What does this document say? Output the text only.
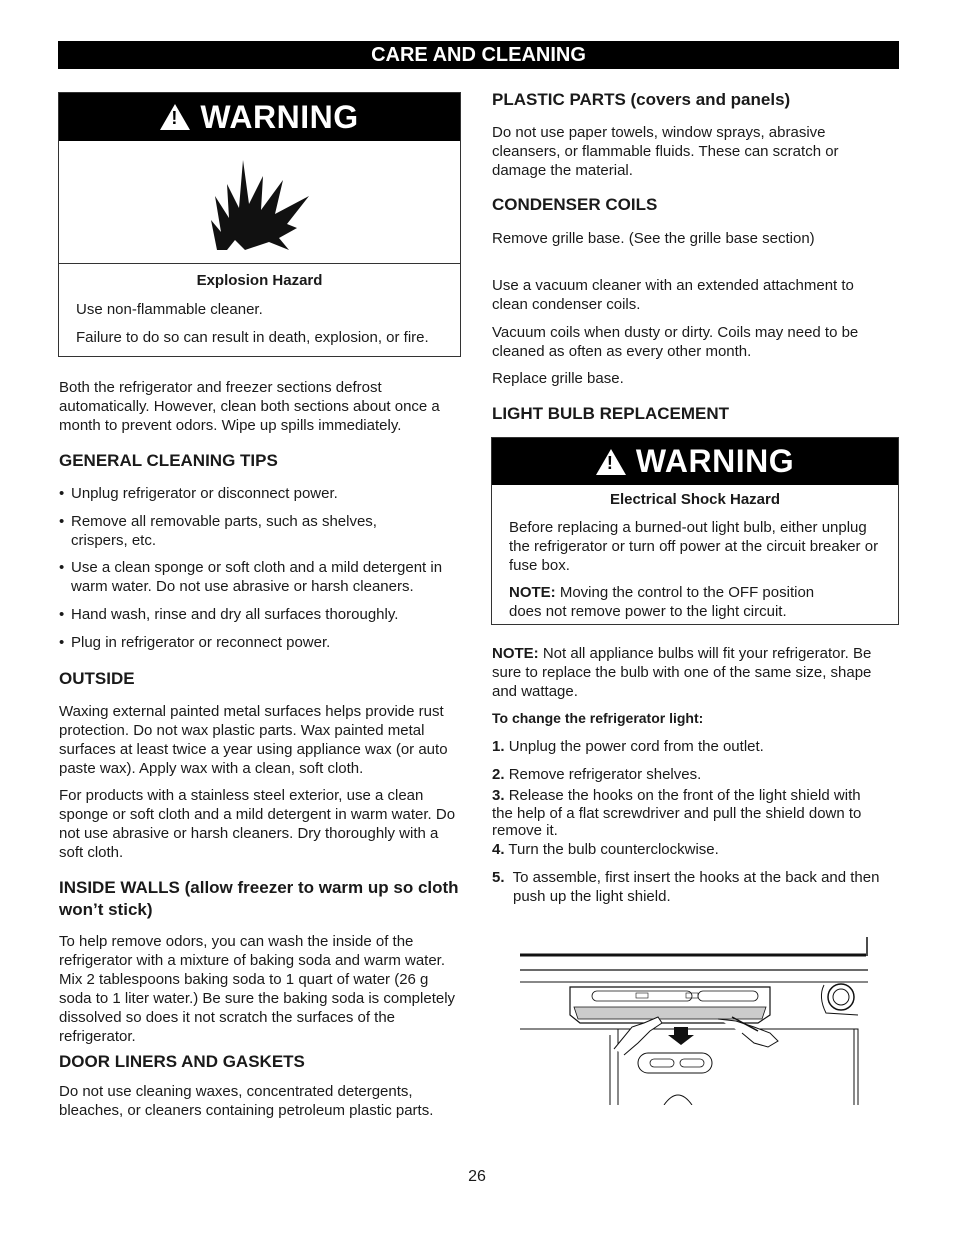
CARE AND CLEANING
!
WARNING
Explosion Hazard

Use non-flammable cleaner.

Failure to do so can result in death, explosion, or fire.

Both the refrigerator and freezer sections defrost automatically. However, clean both sections about once a month to prevent odors. Wipe up spills immediately.

GENERAL CLEANING TIPS

• Unplug refrigerator or disconnect power.
• Remove all removable parts, such as shelves, crispers, etc.
• Use a clean sponge or soft cloth and a mild detergent in warm water. Do not use abrasive or harsh cleaners.
• Hand wash, rinse and dry all surfaces thoroughly.
• Plug in refrigerator or reconnect power.

OUTSIDE

Waxing external painted metal surfaces helps provide rust protection. Do not wax plastic parts. Wax painted metal surfaces at least twice a year using appliance wax (or auto paste wax). Apply wax with a clean, soft cloth.

For products with a stainless steel exterior, use a clean sponge or soft cloth and a mild detergent in warm water. Do not use abrasive or harsh cleaners. Dry thoroughly with a soft cloth.

INSIDE WALLS (allow freezer to warm up so cloth won’t stick)

To help remove odors, you can wash the inside of the refrigerator with a mixture of baking soda and warm water. Mix 2 tablespoons baking soda to 1 quart of water (26 g soda to 1 liter water.) Be sure the baking soda is completely dissolved so does it not scratch the surfaces of the refrigerator.

DOOR LINERS AND GASKETS

Do not use cleaning waxes, concentrated detergents, bleaches, or cleaners containing petroleum plastic parts.

PLASTIC PARTS (covers and panels)

Do not use paper towels, window sprays, abrasive cleansers, or flammable fluids. These can scratch or damage the material.

CONDENSER COILS

Remove grille base. (See the grille base section)

Use a vacuum cleaner with an extended attachment to clean condenser coils.

Vacuum coils when dusty or dirty. Coils may need to be cleaned as often as every other month.

Replace grille base.

LIGHT BULB REPLACEMENT

!
WARNING
Electrical Shock Hazard

Before replacing a burned-out light bulb, either unplug the refrigerator or turn off power at the circuit breaker or fuse box.

NOTE: Moving the control to the OFF position does not remove power to the light circuit.

NOTE: Not all appliance bulbs will fit your refrigerator. Be sure to replace the bulb with one of the same size, shape and wattage.

To change the refrigerator light:

1. Unplug the power cord from the outlet.

2. Remove refrigerator shelves.

3. Release the hooks on the front of the light shield with the help of a flat screwdriver and pull the shield down to remove it.

4. Turn the bulb counterclockwise.

5. To assemble, first insert the hooks at the back and then push up the light shield.
26
